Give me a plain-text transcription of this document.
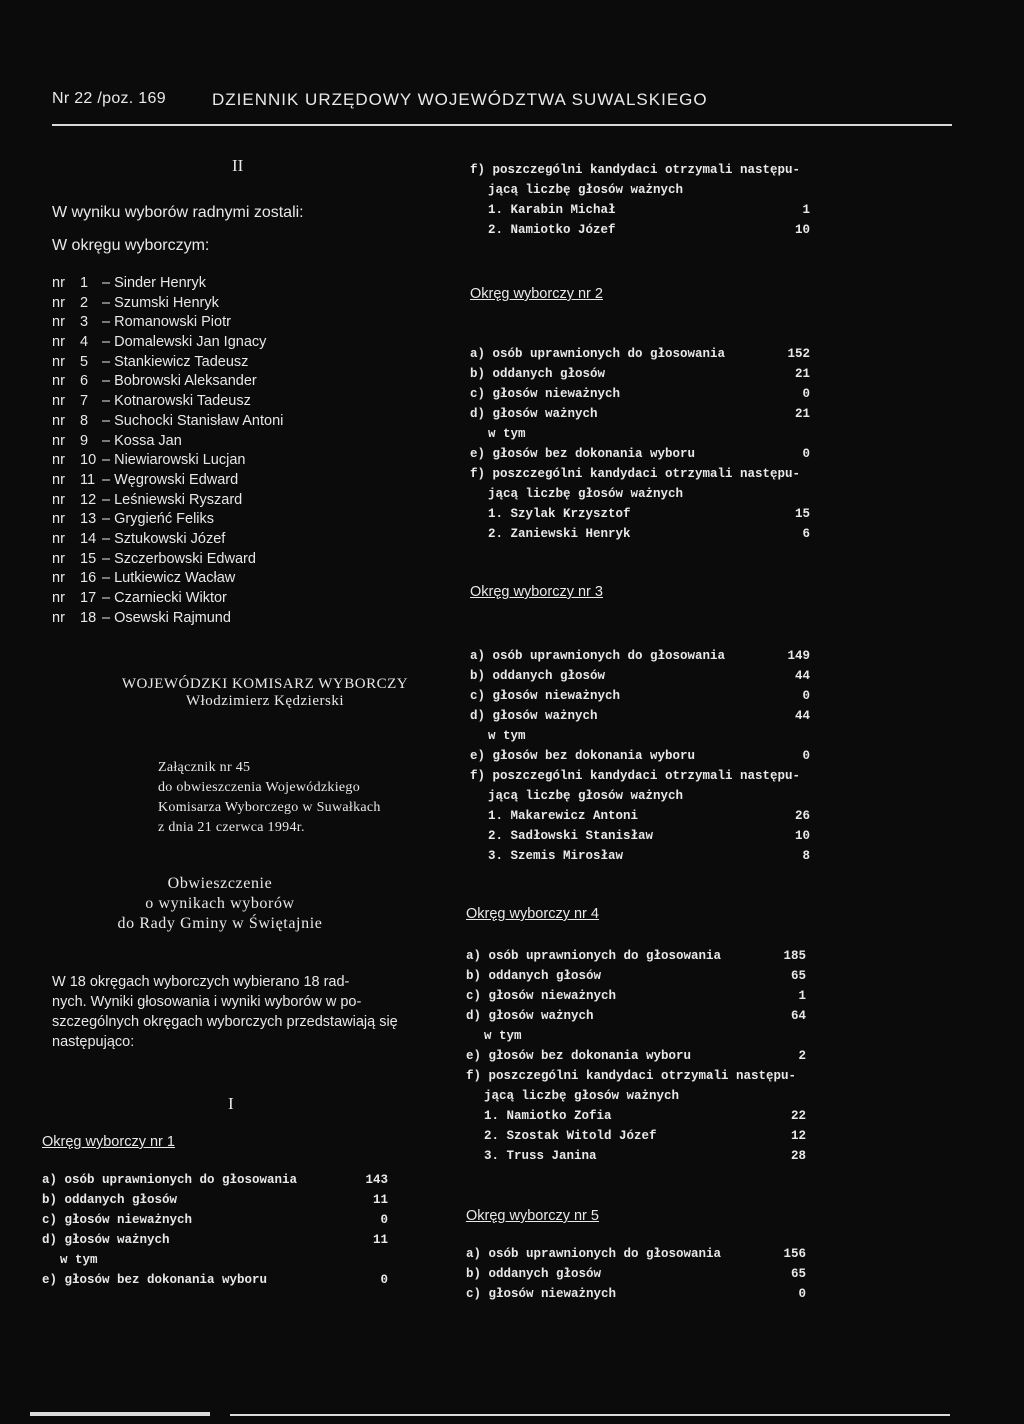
Nr 22 /poz. 169	DZIENNIK URZĘDOWY WOJEWÓDZTWA SUWALSKIEGO
II
W wyniku wyborów radnymi zostali:
W okręgu wyborczym:
nr 1 – Sinder Henryk
nr 2 – Szumski Henryk
nr 3 – Romanowski Piotr
nr 4 – Domalewski Jan Ignacy
nr 5 – Stankiewicz Tadeusz
nr 6 – Bobrowski Aleksander
nr 7 – Kotnarowski Tadeusz
nr 8 – Suchocki Stanisław Antoni
nr 9 – Kossa Jan
nr 10 – Niewiarowski Lucjan
nr 11 – Węgrowski Edward
nr 12 – Leśniewski Ryszard
nr 13 – Grygieńć Feliks
nr 14 – Sztukowski Józef
nr 15 – Szczerbowski Edward
nr 16 – Lutkiewicz Wacław
nr 17 – Czarniecki Wiktor
nr 18 – Osewski Rajmund
WOJEWÓDZKI KOMISARZ WYBORCZY
Włodzimierz Kędzierski
Załącznik nr 45
do obwieszczenia Wojewódzkiego
Komisarza Wyborczego w Suwałkach
z dnia 21 czerwca 1994r.
Obwieszczenie
o wynikach wyborów
do Rady Gminy w Świętajnie
W 18 okręgach wyborczych wybierano 18 rad-
nych. Wyniki głosowania i wyniki wyborów w po-
szczególnych okręgach wyborczych przedstawiają się
następująco:
I
Okręg wyborczy nr 1
a) osób uprawnionych do głosowania	143
b) oddanych głosów	11
c) głosów nieważnych	0
d) głosów ważnych	11
w tym
e) głosów bez dokonania wyboru	0
f) poszczególni kandydaci otrzymali następu-
jącą liczbę głosów ważnych
1. Karabin Michał	1
2. Namiotko Józef	10
Okręg wyborczy nr 2
a) osób uprawnionych do głosowania	152
b) oddanych głosów	21
c) głosów nieważnych	0
d) głosów ważnych	21
w tym
e) głosów bez dokonania wyboru	0
f) poszczególni kandydaci otrzymali następu-
jącą liczbę głosów ważnych
1. Szylak Krzysztof	15
2. Zaniewski Henryk	6
Okręg wyborczy nr 3
a) osób uprawnionych do głosowania	149
b) oddanych głosów	44
c) głosów nieważnych	0
d) głosów ważnych	44
w tym
e) głosów bez dokonania wyboru	0
f) poszczególni kandydaci otrzymali następu-
jącą liczbę głosów ważnych
1. Makarewicz Antoni	26
2. Sadłowski Stanisław	10
3. Szemis Mirosław	8
Okręg wyborczy nr 4
a) osób uprawnionych do głosowania	185
b) oddanych głosów	65
c) głosów nieważnych	1
d) głosów ważnych	64
w tym
e) głosów bez dokonania wyboru	2
f) poszczególni kandydaci otrzymali następu-
jącą liczbę głosów ważnych
1. Namiotko Zofia	22
2. Szostak Witold Józef	12
3. Truss Janina	28
Okręg wyborczy nr 5
a) osób uprawnionych do głosowania	156
b) oddanych głosów	65
c) głosów nieważnych	0
